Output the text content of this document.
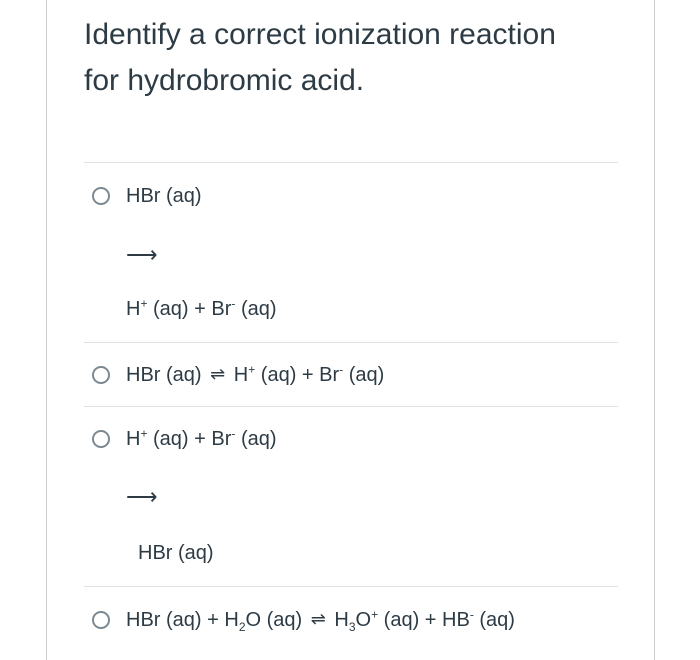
Identify a correct ionization reaction
for hydrobromic acid.
HBr (aq)
⟶
H+ (aq) + Br- (aq)
HBr (aq) ⇌ H+ (aq) + Br- (aq)
H+ (aq) + Br- (aq)
⟶
HBr (aq)
HBr $(aq) + H_2O$ (aq) ⇌ $H_3O^+$ (aq) + HB- (aq)
